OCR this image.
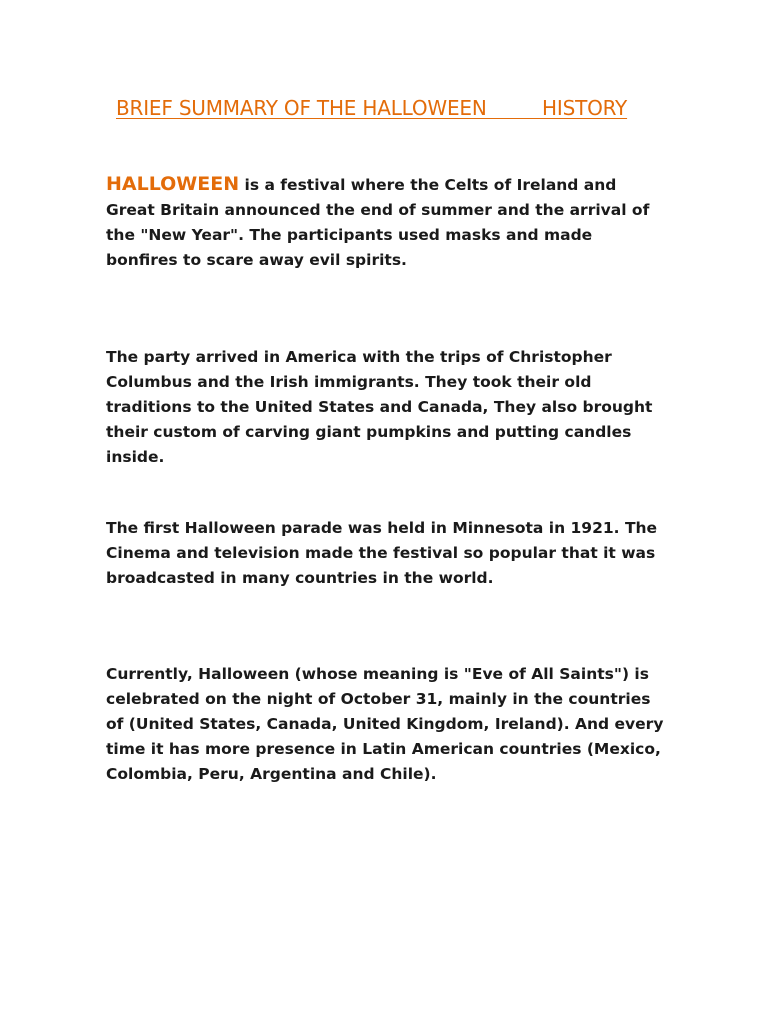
BRIEF SUMMARY OF THE HALLOWEEN         HISTORY

HALLOWEEN is a festival where the Celts of Ireland and Great Britain announced the end of summer and the arrival of the "New Year". The participants used masks and made bonfires to scare away evil spirits.

The party arrived in America with the trips of Christopher Columbus and the Irish immigrants. They took their old traditions to the United States and Canada, They also brought their custom of carving giant pumpkins and putting candles inside.

The first Halloween parade was held in Minnesota in 1921. The Cinema and television made the festival so popular that it was broadcasted in many countries in the world.

Currently, Halloween (whose meaning is "Eve of All Saints") is celebrated on the night of October 31, mainly in the countries of (United States, Canada, United Kingdom, Ireland). And every time it has more presence in Latin American countries (Mexico, Colombia, Peru, Argentina and Chile).
